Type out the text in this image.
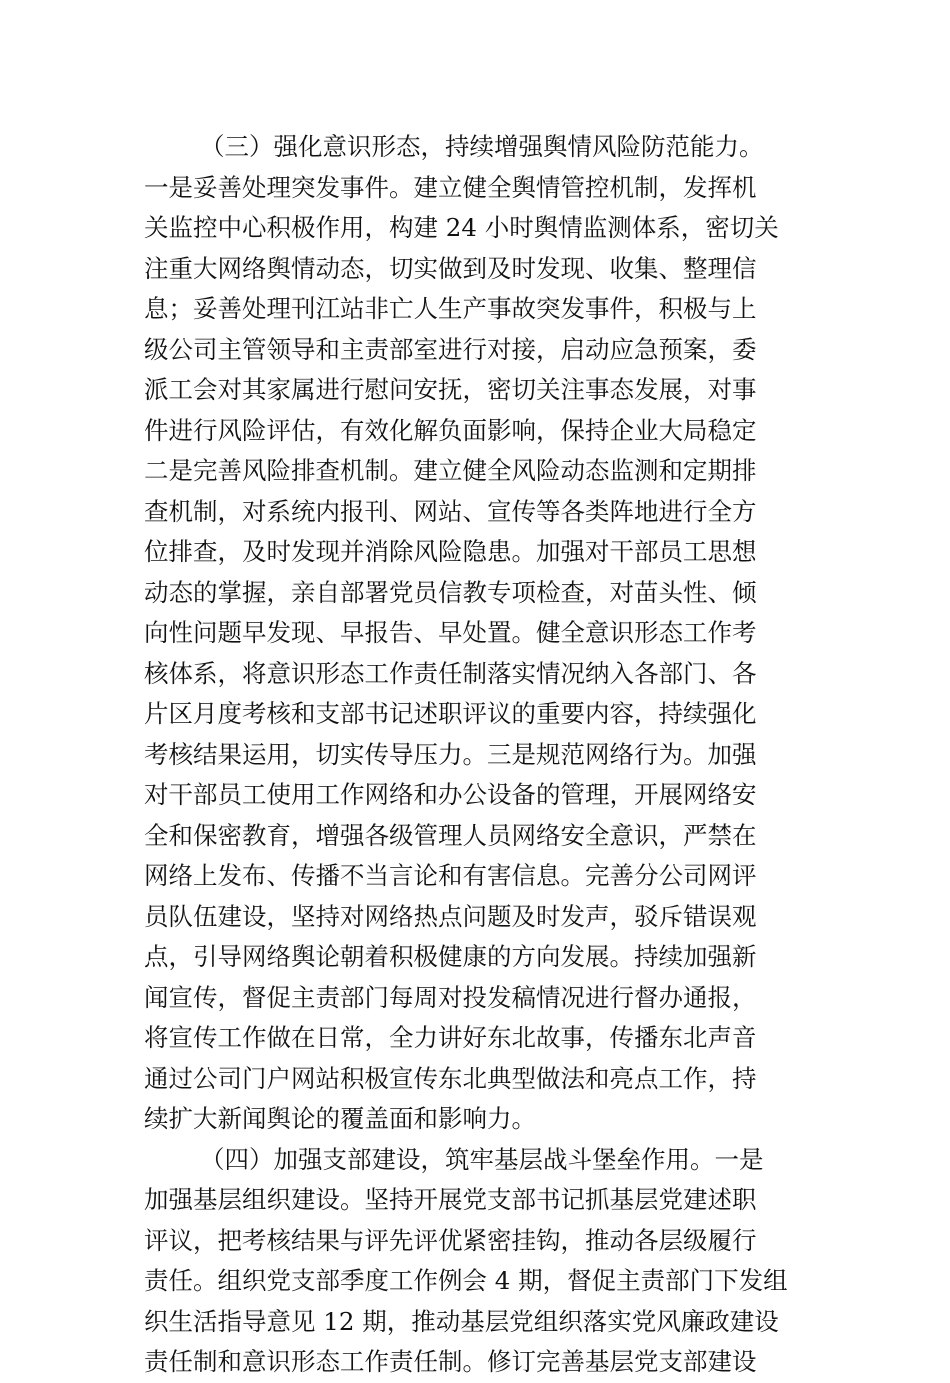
（三）强化意识形态，持续增强舆情风险防范能力。
一是妥善处理突发事件。建立健全舆情管控机制，发挥机
关监控中心积极作用，构建 24 小时舆情监测体系，密切关
注重大网络舆情动态，切实做到及时发现、收集、整理信
息；妥善处理刊江站非亡人生产事故突发事件，积极与上
级公司主管领导和主责部室进行对接，启动应急预案，委
派工会对其家属进行慰问安抚，密切关注事态发展，对事
件进行风险评估，有效化解负面影响，保持企业大局稳定
二是完善风险排查机制。建立健全风险动态监测和定期排
查机制，对系统内报刊、网站、宣传等各类阵地进行全方
位排查，及时发现并消除风险隐患。加强对干部员工思想
动态的掌握，亲自部署党员信教专项检查，对苗头性、倾
向性问题早发现、早报告、早处置。健全意识形态工作考
核体系，将意识形态工作责任制落实情况纳入各部门、各
片区月度考核和支部书记述职评议的重要内容，持续强化
考核结果运用，切实传导压力。三是规范网络行为。加强
对干部员工使用工作网络和办公设备的管理，开展网络安
全和保密教育，增强各级管理人员网络安全意识，严禁在
网络上发布、传播不当言论和有害信息。完善分公司网评
员队伍建设，坚持对网络热点问题及时发声，驳斥错误观
点，引导网络舆论朝着积极健康的方向发展。持续加强新
闻宣传，督促主责部门每周对投发稿情况进行督办通报，
将宣传工作做在日常，全力讲好东北故事，传播东北声音
通过公司门户网站积极宣传东北典型做法和亮点工作，持
续扩大新闻舆论的覆盖面和影响力。
（四）加强支部建设，筑牢基层战斗堡垒作用。一是
加强基层组织建设。坚持开展党支部书记抓基层党建述职
评议，把考核结果与评先评优紧密挂钩，推动各层级履行
责任。组织党支部季度工作例会 4 期，督促主责部门下发组
织生活指导意见 12 期，推动基层党组织落实党风廉政建设
责任制和意识形态工作责任制。修订完善基层党支部建设
